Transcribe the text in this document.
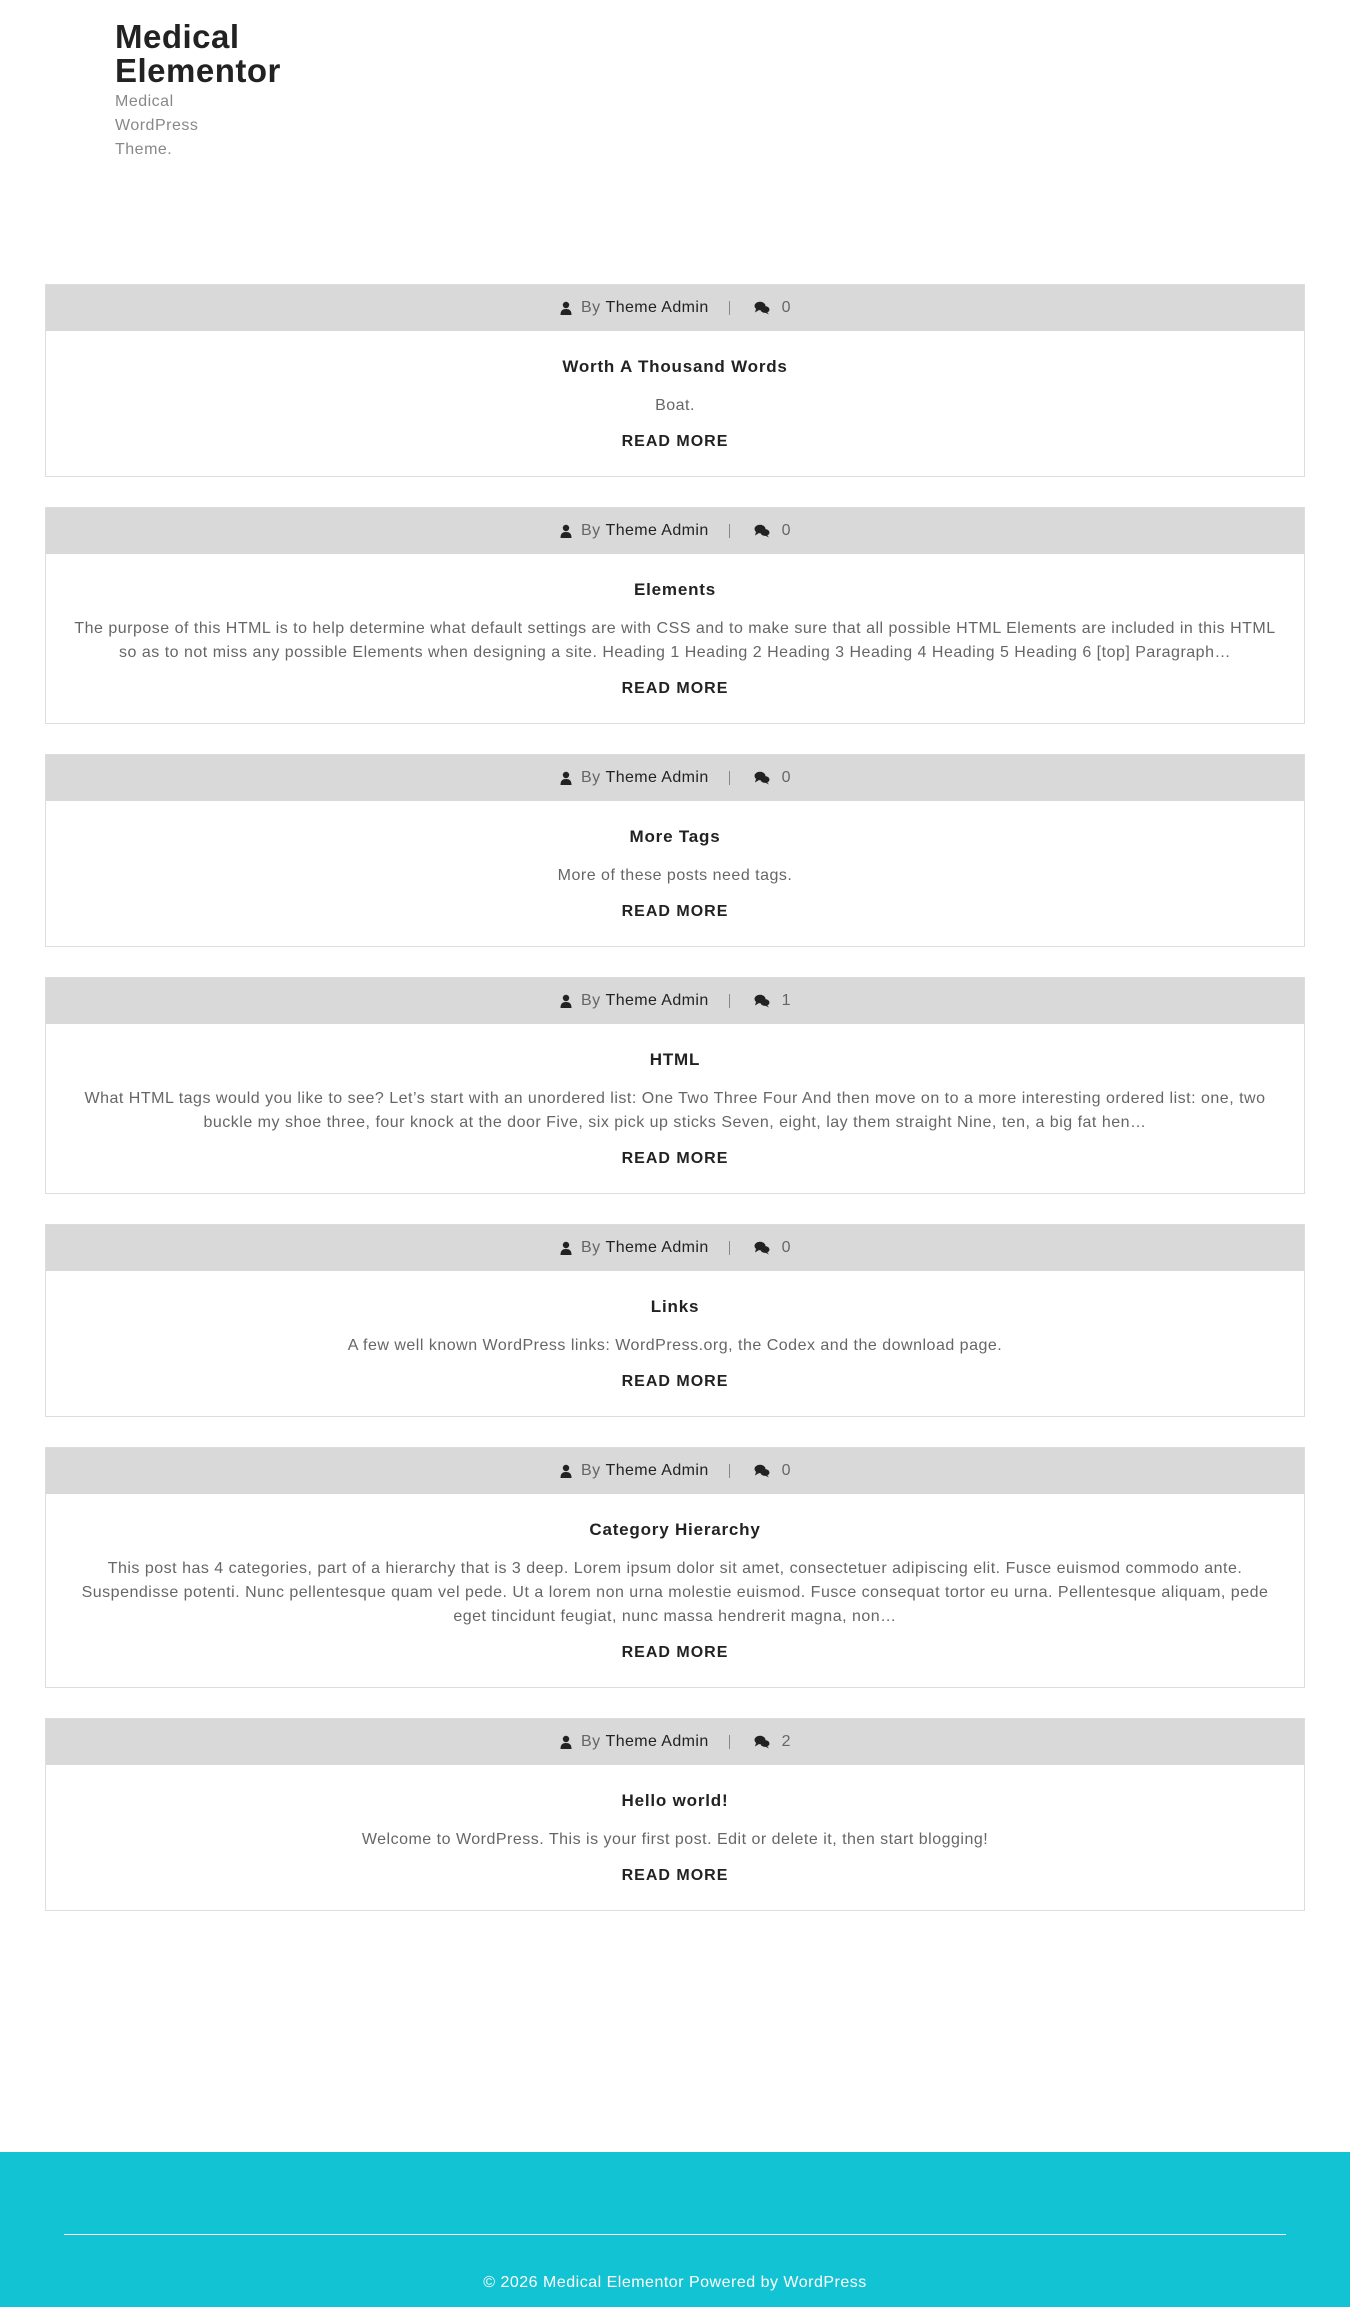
Medical Elementor

Medical WordPress Theme.

By Theme Admin	0
Worth A Thousand Words

Boat.

READ MORE
By Theme Admin	0
Elements

The purpose of this HTML is to help determine what default settings are with CSS and to make sure that all possible HTML Elements are included in this HTML so as to not miss any possible Elements when designing a site. Heading 1 Heading 2 Heading 3 Heading 4 Heading 5 Heading 6 [top] Paragraph…

READ MORE
By Theme Admin	0
More Tags

More of these posts need tags.

READ MORE
By Theme Admin	1
HTML

What HTML tags would you like to see? Let’s start with an unordered list: One Two Three Four And then move on to a more interesting ordered list: one, two buckle my shoe three, four knock at the door Five, six pick up sticks Seven, eight, lay them straight Nine, ten, a big fat hen…

READ MORE
By Theme Admin	0
Links

A few well known WordPress links: WordPress.org, the Codex and the download page.

READ MORE
By Theme Admin	0
Category Hierarchy

This post has 4 categories, part of a hierarchy that is 3 deep. Lorem ipsum dolor sit amet, consectetuer adipiscing elit. Fusce euismod commodo ante. Suspendisse potenti. Nunc pellentesque quam vel pede. Ut a lorem non urna molestie euismod. Fusce consequat tortor eu urna. Pellentesque aliquam, pede eget tincidunt feugiat, nunc massa hendrerit magna, non…

READ MORE
By Theme Admin	2
Hello world!

Welcome to WordPress. This is your first post. Edit or delete it, then start blogging!

READ MORE
© 2026 Medical Elementor Powered by WordPress
